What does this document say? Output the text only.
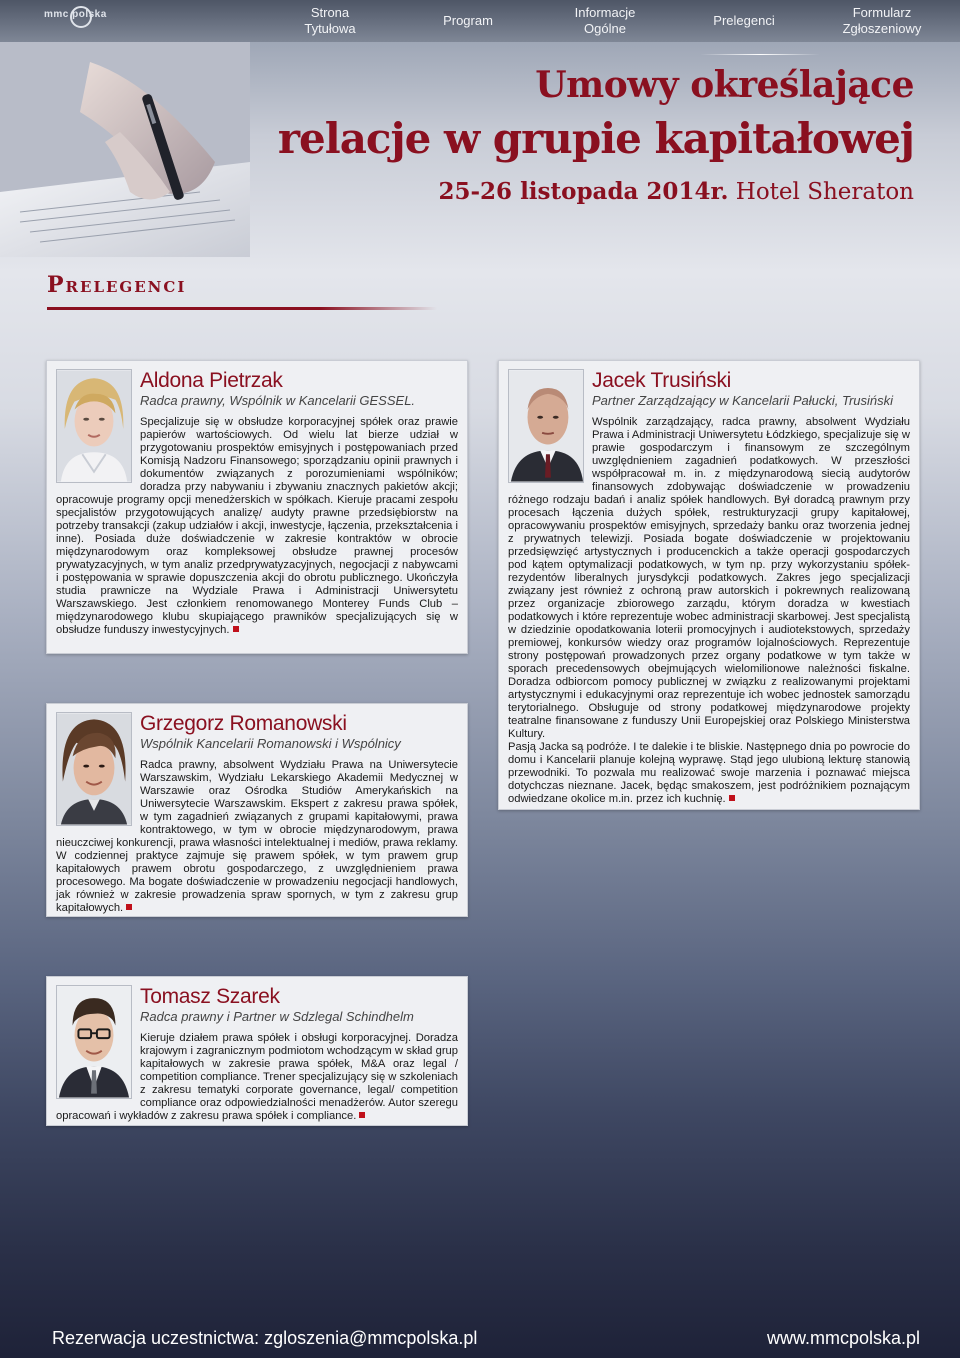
mmc polska	Strona
Tytułowa
Program
Informacje
Ogólne
Prelegenci
Formularz
Zgłoszeniowy
Umowy określające
relacje w grupie kapitałowej
25-26 listopada 2014r. Hotel Sheraton
Prelegenci
Aldona Pietrzak
Radca prawny, Wspólnik w Kancelarii GESSEL.

Specjalizuje się w obsłudze korporacyjnej spółek oraz prawie papierów wartościowych. Od wielu lat bierze udział w przygotowaniu prospektów emisyjnych i postępowaniach przed Komisją Nadzoru Finansowego; sporządzaniu opinii prawnych i dokumentów związanych z porozumieniami wspólników; doradza przy nabywaniu i zbywaniu znacznych pakietów akcji; opracowuje programy opcji menedżerskich w spółkach. Kieruje pracami zespołu specjalistów przygotowujących analizę/ audyty prawne przedsiębiorstw na potrzeby transakcji (zakup udziałów i akcji, inwestycje, łączenia, przekształcenia i inne). Posiada duże doświadczenie w zakresie kontraktów w obrocie międzynarodowym oraz kompleksowej obsłudze prawnej procesów prywatyzacyjnych, w tym analiz przedprywatyzacyjnych, negocjacji z nabywcami i postępowania w sprawie dopuszczenia akcji do obrotu publicznego. Ukończyła studia prawnicze na Wydziale Prawa i Administracji Uniwersytetu Warszawskiego. Jest członkiem renomowanego Monterey Funds Club – międzynarodowego klubu skupiającego prawników specjalizujących się w obsłudze funduszy inwestycyjnych.

Jacek Trusiński
Partner Zarządzający w Kancelarii Pałucki, Trusiński

Wspólnik zarządzający, radca prawny, absolwent Wydziału Prawa i Administracji Uniwersytetu Łódzkiego, specjalizuje się w prawie gospodarczym i finansowym ze szczególnym uwzględnieniem zagadnień podatkowych. W przeszłości współpracował m. in. z międzynarodową siecią audytorów finansowych zdobywając doświadczenie w prowadzeniu różnego rodzaju badań i analiz spółek handlowych. Był doradcą prawnym przy procesach łączenia dużych spółek, restrukturyzacji grupy kapitałowej, opracowywaniu prospektów emisyjnych, sprzedaży banku oraz tworzenia jednej z prywatnych telewizji. Posiada bogate doświadczenie w projektowaniu przedsięwzięć artystycznych i producenckich a także operacji gospodarczych pod kątem optymalizacji podatkowych, w tym np. przy wykorzystaniu spółek-rezydentów liberalnych jurysdykcji podatkowych. Zakres jego specjalizacji związany jest również z ochroną praw autorskich i pokrewnych realizowaną przez organizacje zbiorowego zarządu, którym doradza w kwestiach podatkowych i które reprezentuje wobec administracji skarbowej. Jest specjalistą w dziedzinie opodatkowania loterii promocyjnych i audiotekstowych, sprzedaży premiowej, konkursów wiedzy oraz programów lojalnościowych. Reprezentuje strony postępowań prowadzonych przez organy podatkowe w tym także w sporach precedensowych obejmujących wielomilionowe należności fiskalne. Doradza odbiorcom pomocy publicznej w związku z realizowanymi projektami artystycznymi i edukacyjnymi oraz reprezentuje ich wobec jednostek samorządu terytorialnego. Obsługuje od strony podatkowej międzynarodowe projekty teatralne finansowane z funduszy Unii Europejskiej oraz Polskiego Ministerstwa Kultury.

Pasją Jacka są podróże. I te dalekie i te bliskie. Następnego dnia po powrocie do domu i Kancelarii planuje kolejną wyprawę. Stąd jego ulubioną lekturę stanowią przewodniki. To pozwala mu realizować swoje marzenia i poznawać miejsca dotychczas nieznane. Jacek, będąc smakoszem, jest podróżnikiem poznającym odwiedzane okolice m.in. przez ich kuchnię.

Grzegorz Romanowski
Wspólnik Kancelarii Romanowski i Wspólnicy

Radca prawny, absolwent Wydziału Prawa na Uniwersytecie Warszawskim, Wydziału Lekarskiego Akademii Medycznej w Warszawie oraz Ośrodka Studiów Amerykańskich na Uniwersytecie Warszawskim. Ekspert z zakresu prawa spółek, w tym zagadnień związanych z grupami kapitałowymi, prawa kontraktowego, w tym w obrocie międzynarodowym, prawa nieuczciwej konkurencji, prawa własności intelektualnej i mediów, prawa reklamy. W codziennej praktyce zajmuje się prawem spółek, w tym prawem grup kapitałowych prawem obrotu gospodarczego, z uwzględnieniem prawa procesowego. Ma bogate doświadczenie w prowadzeniu negocjacji handlowych, jak również w zakresie prowadzenia spraw spornych, w tym z zakresu grup kapitałowych.

Tomasz Szarek
Radca prawny i Partner w Sdzlegal Schindhelm

Kieruje działem prawa spółek i obsługi korporacyjnej. Doradza krajowym i zagranicznym podmiotom wchodzącym w skład grup kapitałowych w zakresie prawa spółek, M&A oraz legal / competition compliance. Trener specjalizujący się w szkoleniach z zakresu tematyki corporate governance, legal/ competition compliance oraz odpowiedzialności menadżerów. Autor szeregu opracowań i wykładów z zakresu prawa spółek i compliance.

Rezerwacja uczestnictwa: zgloszenia@mmcpolska.pl	www.mmcpolska.pl
